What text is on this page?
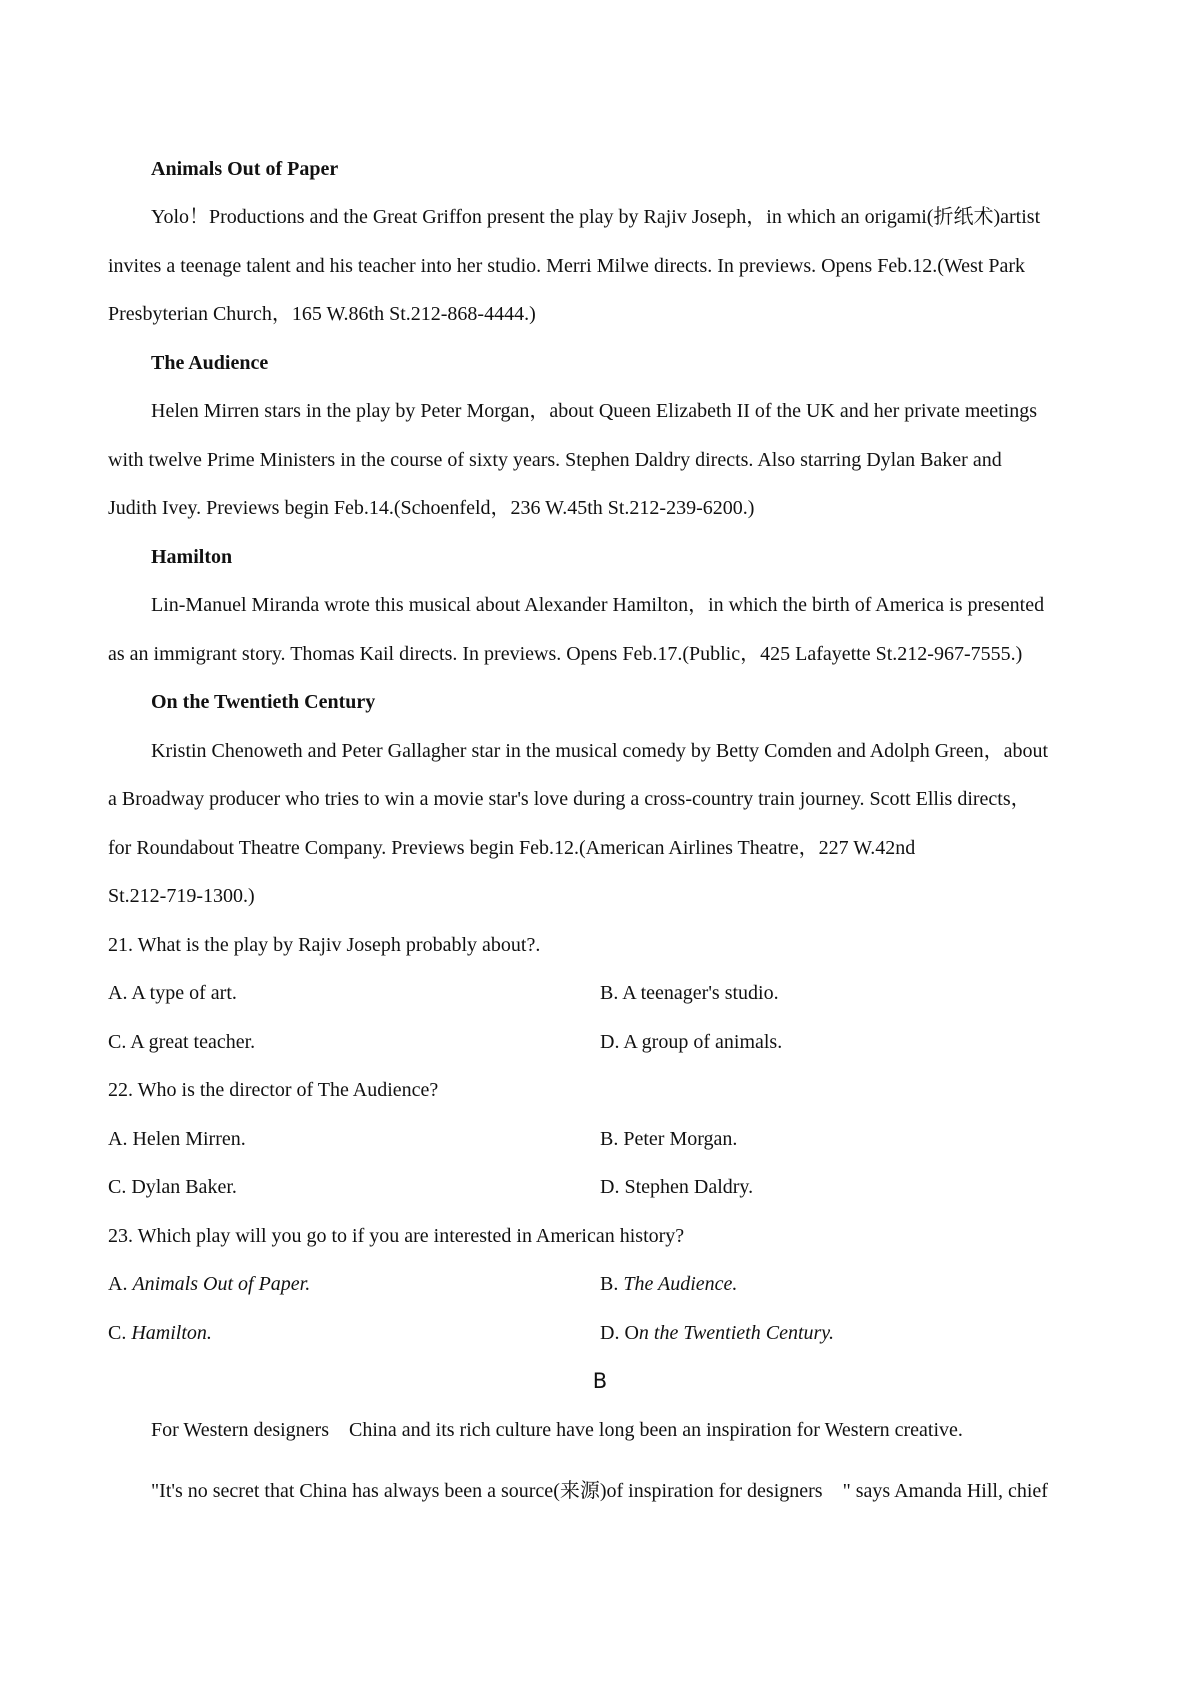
Animals Out of Paper
Yolo！Productions and the Great Griffon present the play by Rajiv Joseph，in which an origami(折纸术)artist
invites a teenage talent and his teacher into her studio. Merri Milwe directs. In previews. Opens Feb.12.(West Park
Presbyterian Church，165 W.86th St.212-868-4444.)
The Audience
Helen Mirren stars in the play by Peter Morgan，about Queen Elizabeth II of the UK and her private meetings
with twelve Prime Ministers in the course of sixty years. Stephen Daldry directs. Also starring Dylan Baker and
Judith Ivey. Previews begin Feb.14.(Schoenfeld，236 W.45th St.212-239-6200.)
Hamilton
Lin-Manuel Miranda wrote this musical about Alexander Hamilton，in which the birth of America is presented
as an immigrant story. Thomas Kail directs. In previews. Opens Feb.17.(Public，425 Lafayette St.212-967-7555.)
On the Twentieth Century
Kristin Chenoweth and Peter Gallagher star in the musical comedy by Betty Comden and Adolph Green，about
a Broadway producer who tries to win a movie star's love during a cross-country train journey. Scott Ellis directs，
for Roundabout Theatre Company. Previews begin Feb.12.(American Airlines Theatre，227 W.42nd
St.212-719-1300.)
21. What is the play by Rajiv Joseph probably about?.
A. A type of art.	B. A teenager's studio.
C. A great teacher.	D. A group of animals.
22. Who is the director of The Audience?
A. Helen Mirren.	B. Peter Morgan.
C. Dylan Baker.	D. Stephen Daldry.
23. Which play will you go to if you are interested in American history?
A. Animals Out of Paper.	B. The Audience.
C. Hamilton.	D. On the Twentieth Century.
B
For Western designers　China and its rich culture have long been an inspiration for Western creative.
"It's no secret that China has always been a source(来源)of inspiration for designers　" says Amanda Hill, chief
